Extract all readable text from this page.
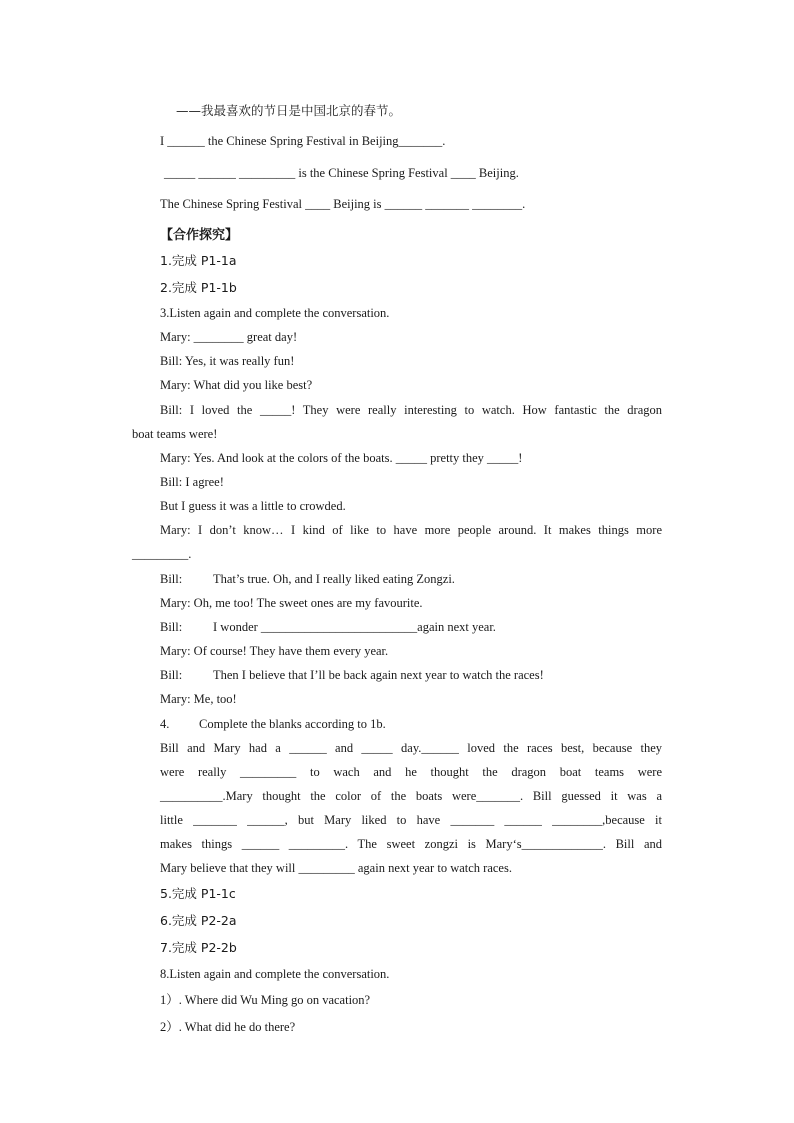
——我最喜欢的节日是中国北京的春节。
I ______ the Chinese Spring Festival in Beijing_______.
_____ ______ _________ is the Chinese Spring Festival ____ Beijing.
The Chinese Spring Festival ____ Beijing is ______ _______ ________.
【合作探究】
1.完成 P1-1a
2.完成 P1-1b
3.Listen again and complete the conversation.
Mary: ________ great day!
Bill: Yes, it was really fun!
Mary: What did you like best?
Bill: I loved the _____! They were really interesting to watch. How fantastic the dragon
boat teams were!
Mary: Yes. And look at the colors of the boats. _____ pretty they _____!
Bill: I agree!
But I guess it was a little to crowded.
Mary: I don’t know… I kind of like to have more people around. It makes things more
_________.
Bill: That’s true. Oh, and I really liked eating Zongzi.
Mary: Oh, me too! The sweet ones are my favourite.
Bill: I wonder _________________________again next year.
Mary: Of course! They have them every year.
Bill: Then I believe that I’ll be back again next year to watch the races!
Mary: Me, too!
4. Complete the blanks according to 1b.
Bill and Mary had a ______ and _____ day.______ loved the races best, because they
were really _________ to wach and he thought the dragon boat teams were
__________.Mary thought the color of the boats were_______. Bill guessed it was a
little _______ ______, but Mary liked to have _______ ______ ________,because it
makes things ______ _________. The sweet zongzi is Mary‘s_____________. Bill and
Mary believe that they will _________ again next year to watch races.
5.完成 P1-1c
6.完成 P2-2a
7.完成 P2-2b
8.Listen again and complete the conversation.
1）. Where did Wu Ming go on vacation?
2）. What did he do there?
